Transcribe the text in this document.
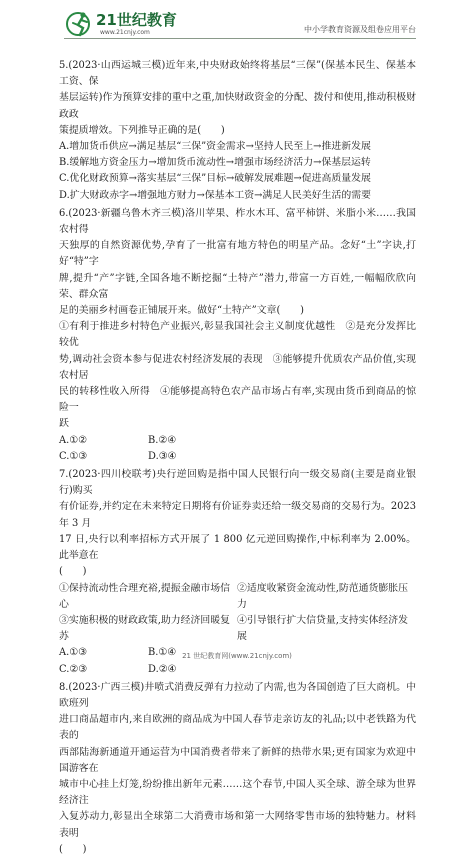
21世纪教育
www.21cnjy.com	中小学教育资源及组卷应用平台

5.(2023·山西运城三模)近年来,中央财政始终将基层“三保”(保基本民生、保基本工资、保

基层运转)作为预算安排的重中之重,加快财政资金的分配、拨付和使用,推动积极财政政

策提质增效。下列推导正确的是(　　)

A.增加货币供应→满足基层“三保”资金需求→坚持人民至上→推进新发展

B.缓解地方资金压力→增加货币流动性→增强市场经济活力→保基层运转

C.优化财政预算→落实基层“三保”目标→破解发展难题→促进高质量发展

D.扩大财政赤字→增强地方财力→保基本工资→满足人民美好生活的需要

6.(2023·新疆乌鲁木齐三模)洛川苹果、柞水木耳、富平柿饼、米脂小米……我国农村得

天独厚的自然资源优势,孕育了一批富有地方特色的明星产品。念好“土”字诀,打好“特”字

牌,提升“产”字链,全国各地不断挖掘“土特产”潜力,带富一方百姓,一幅幅欣欣向荣、群众富

足的美丽乡村画卷正铺展开来。做好“土特产”文章(　　)

①有利于推进乡村特色产业振兴,彰显我国社会主义制度优越性　②是充分发挥比较优

势,调动社会资本参与促进农村经济发展的表现　③能够提升优质农产品价值,实现农村居

民的转移性收入所得　④能够提高特色农产品市场占有率,实现由货币到商品的惊险一

跃

A.①②	B.②④
C.①③	D.③④

7.(2023·四川校联考)央行逆回购是指中国人民银行向一级交易商(主要是商业银行)购买

有价证券,并约定在未来特定日期将有价证券卖还给一级交易商的交易行为。2023 年 3 月

17 日,央行以利率招标方式开展了 1 800 亿元逆回购操作,中标利率为 2.00%。此举意在

(　　)

①保持流动性合理充裕,提振金融市场信心
②适度收紧资金流动性,防范通货膨胀压力
③实施积极的财政政策,助力经济回暖复苏
④引导银行扩大信贷量,支持实体经济发展
A.①③	B.①④
C.②③	D.②④

8.(2023·广西三模)井喷式消费反弹有力拉动了内需,也为各国创造了巨大商机。中欧班列

进口商品超市内,来自欧洲的商品成为中国人春节走亲访友的礼品;以中老铁路为代表的

西部陆海新通道开通运营为中国消费者带来了新鲜的热带水果;更有国家为欢迎中国游客在

城市中心挂上灯笼,纷纷推出新年元素……这个春节,中国人买全球、游全球为世界经济注

入复苏动力,彰显出全球第二大消费市场和第一大网络零售市场的独特魅力。材料表明

(　　)

21 世纪教育网(www.21cnjy.com)
